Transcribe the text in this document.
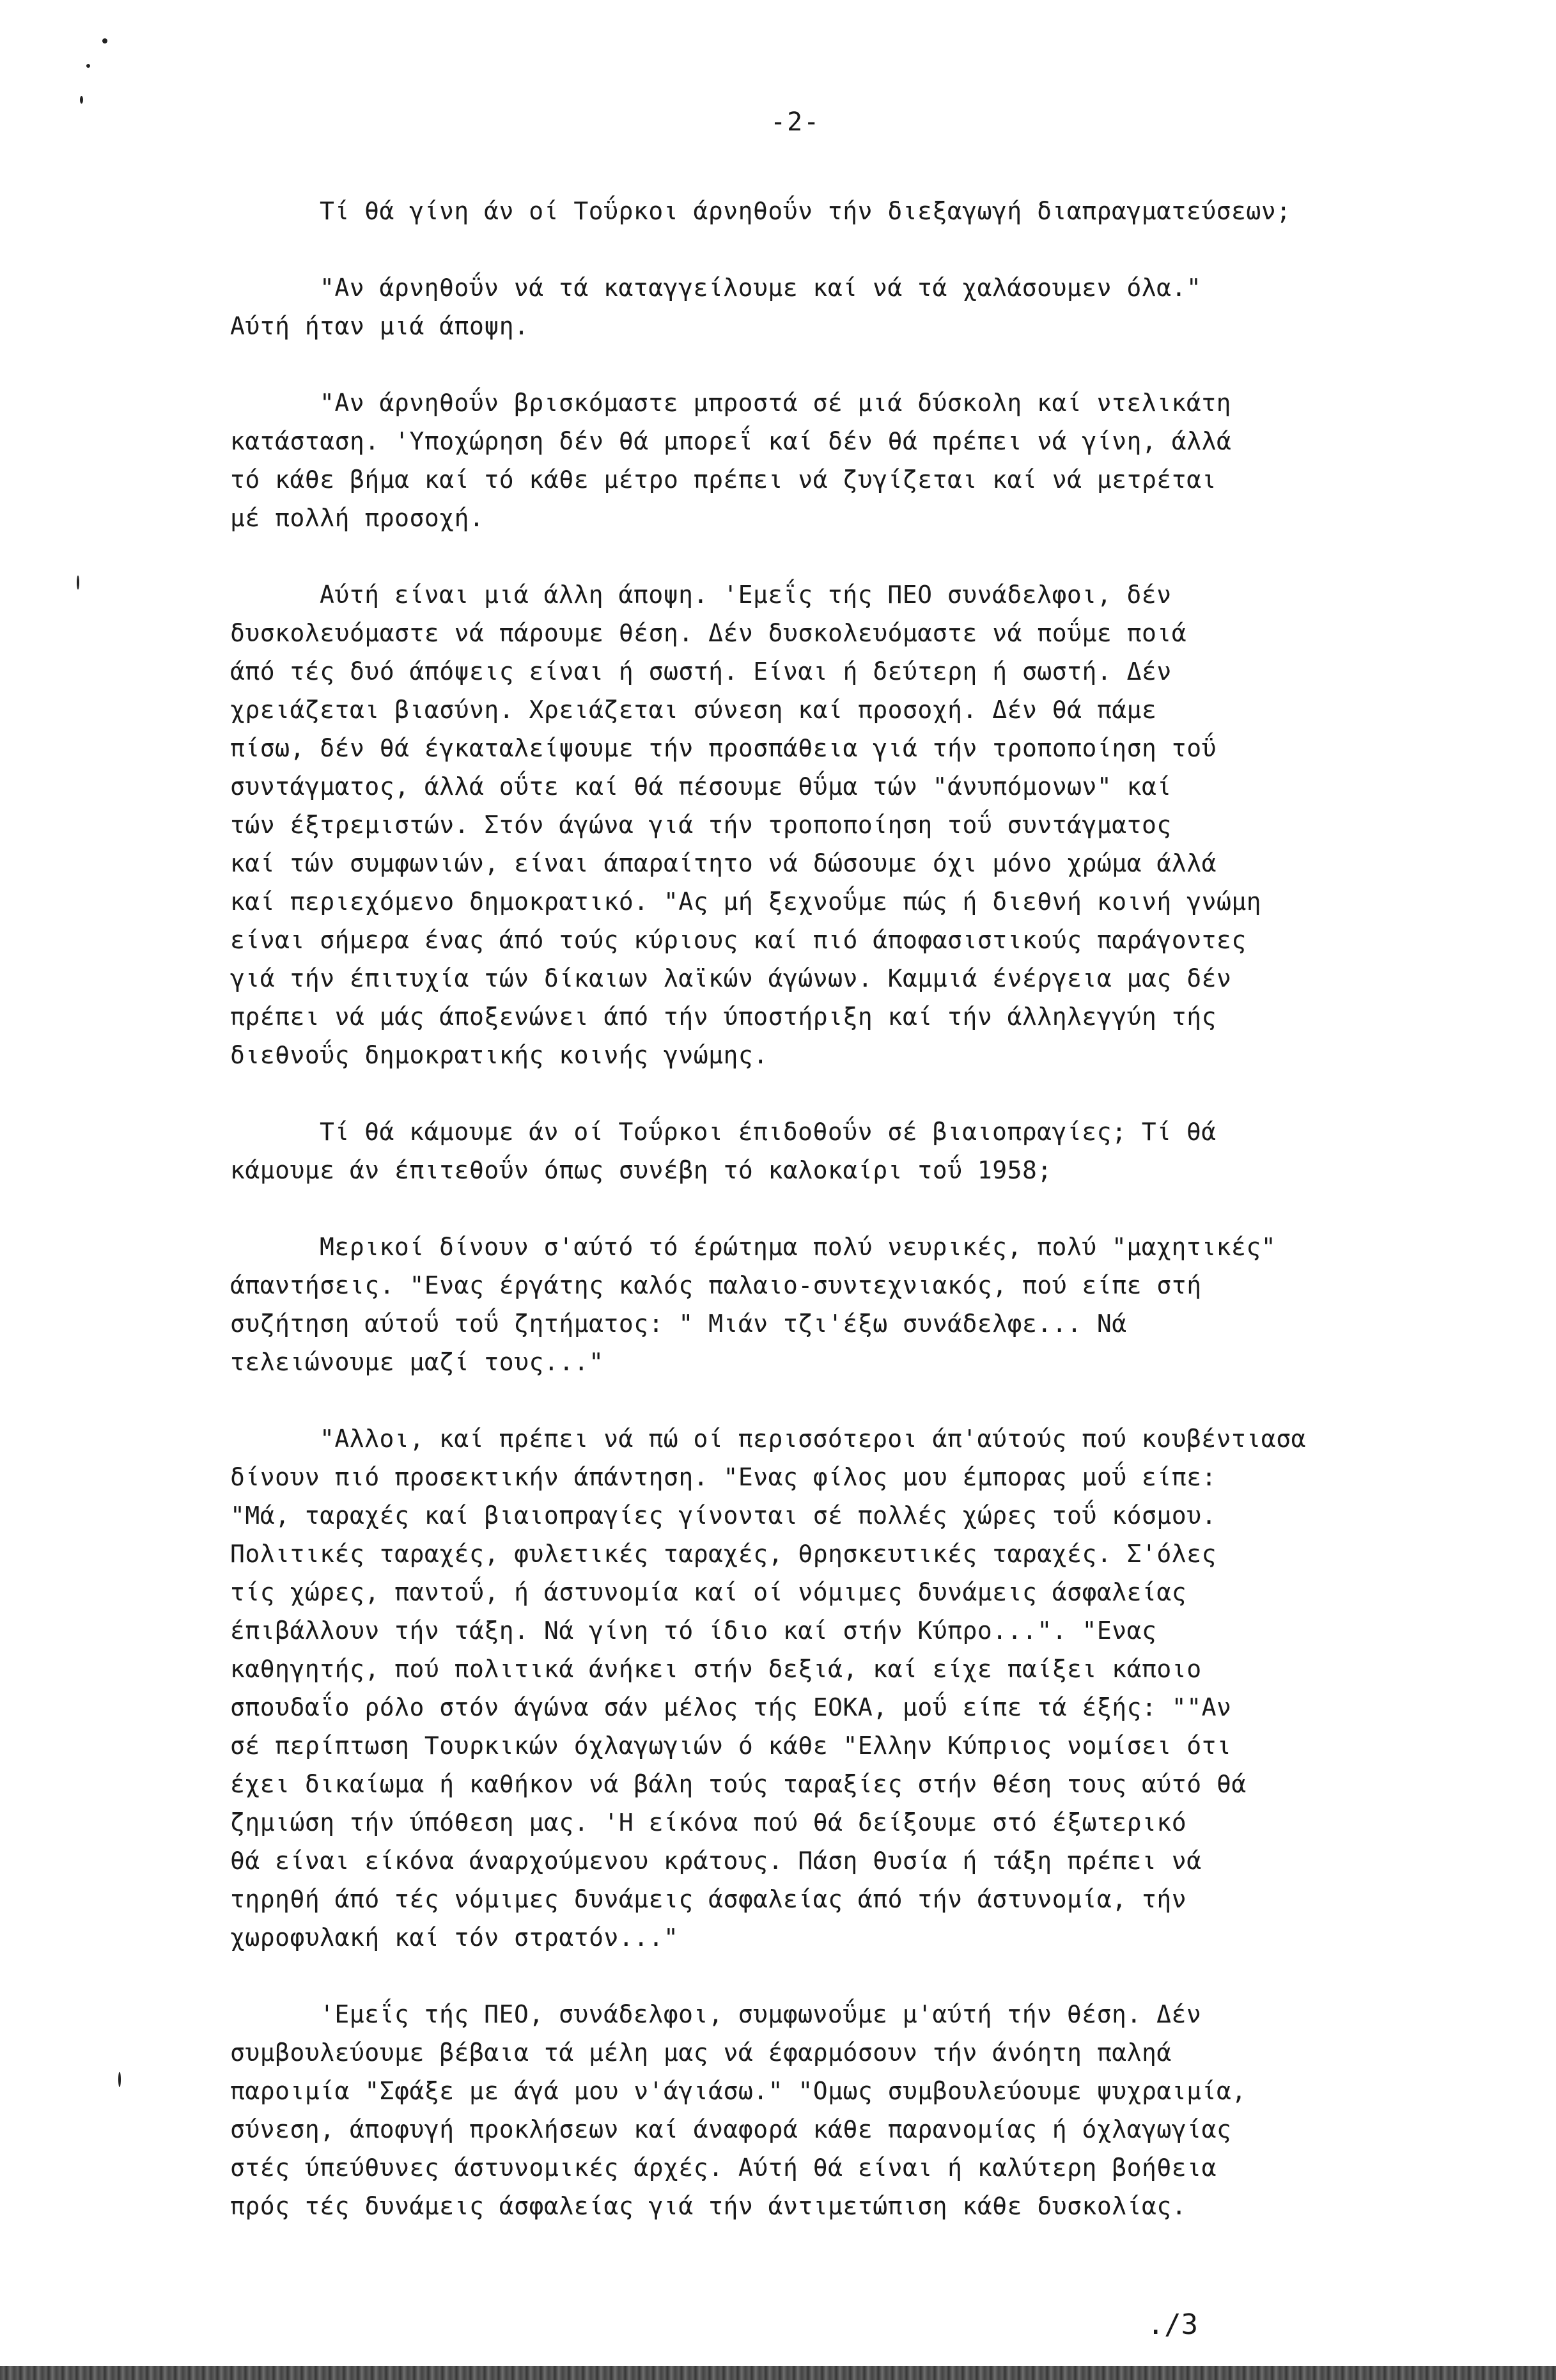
-2-
Τί θά γίνη άν οί Τοΰρκοι άρνηθοΰν τήν διεξαγωγή διαπραγματεύσεων;
"Αν άρνηθοΰν νά τά καταγγείλουμε καί νά τά χαλάσουμεν όλα."
Αύτή ήταν μιά άποψη.
"Αν άρνηθοΰν βρισκόμαστε μπροστά σέ μιά δύσκολη καί ντελικάτη
κατάσταση. 'Υποχώρηση δέν θά μπορεΐ καί δέν θά πρέπει νά γίνη, άλλά
τό κάθε βήμα καί τό κάθε μέτρο πρέπει νά ζυγίζεται καί νά μετρέται
μέ πολλή προσοχή.
Αύτή είναι μιά άλλη άποψη. 'Εμεΐς τής ΠΕΟ συνάδελφοι, δέν
δυσκολευόμαστε νά πάρουμε θέση. Δέν δυσκολευόμαστε νά ποΰμε ποιά
άπό τές δυό άπόψεις είναι ή σωστή. Είναι ή δεύτερη ή σωστή. Δέν
χρειάζεται βιασύνη. Χρειάζεται σύνεση καί προσοχή. Δέν θά πάμε
πίσω, δέν θά έγκαταλείψουμε τήν προσπάθεια γιά τήν τροποποίηση τοΰ
συντάγματος, άλλά οΰτε καί θά πέσουμε θΰμα τών "άνυπόμονων" καί
τών έξτρεμιστών. Στόν άγώνα γιά τήν τροποποίηση τοΰ συντάγματος
καί τών συμφωνιών, είναι άπαραίτητο νά δώσουμε όχι μόνο χρώμα άλλά
καί περιεχόμενο δημοκρατικό. "Ας μή ξεχνοΰμε πώς ή διεθνή κοινή γνώμη
είναι σήμερα ένας άπό τούς κύριους καί πιό άποφασιστικούς παράγοντες
γιά τήν έπιτυχία τών δίκαιων λαϊκών άγώνων. Καμμιά ένέργεια μας δέν
πρέπει νά μάς άποξενώνει άπό τήν ύποστήριξη καί τήν άλληλεγγύη τής
διεθνοΰς δημοκρατικής κοινής γνώμης.
Τί θά κάμουμε άν οί Τοΰρκοι έπιδοθοΰν σέ βιαιοπραγίες; Τί θά
κάμουμε άν έπιτεθοΰν όπως συνέβη τό καλοκαίρι τοΰ 1958;
Μερικοί δίνουν σ'αύτό τό έρώτημα πολύ νευρικές, πολύ "μαχητικές"
άπαντήσεις. "Ενας έργάτης καλός παλαιο-συντεχνιακός, πού είπε στή
συζήτηση αύτοΰ τοΰ ζητήματος: " Μιάν τζι'έξω συνάδελφε... Νά
τελειώνουμε μαζί τους..."
"Αλλοι, καί πρέπει νά πώ οί περισσότεροι άπ'αύτούς πού κουβέντιασα
δίνουν πιό προσεκτικήν άπάντηση. "Ενας φίλος μου έμπορας μοΰ είπε:
"Μά, ταραχές καί βιαιοπραγίες γίνονται σέ πολλές χώρες τοΰ κόσμου.
Πολιτικές ταραχές, φυλετικές ταραχές, θρησκευτικές ταραχές. Σ'όλες
τίς χώρες, παντοΰ, ή άστυνομία καί οί νόμιμες δυνάμεις άσφαλείας
έπιβάλλουν τήν τάξη. Νά γίνη τό ίδιο καί στήν Κύπρο...". "Ενας
καθηγητής, πού πολιτικά άνήκει στήν δεξιά, καί είχε παίξει κάποιο
σπουδαΐο ρόλο στόν άγώνα σάν μέλος τής ΕΟΚΑ, μοΰ είπε τά έξής: ""Αν
σέ περίπτωση Τουρκικών όχλαγωγιών ό κάθε "Ελλην Κύπριος νομίσει ότι
έχει δικαίωμα ή καθήκον νά βάλη τούς ταραξίες στήν θέση τους αύτό θά
ζημιώση τήν ύπόθεση μας. 'Η είκόνα πού θά δείξουμε στό έξωτερικό
θά είναι είκόνα άναρχούμενου κράτους. Πάση θυσία ή τάξη πρέπει νά
τηρηθή άπό τές νόμιμες δυνάμεις άσφαλείας άπό τήν άστυνομία, τήν
χωροφυλακή καί τόν στρατόν..."
'Εμεΐς τής ΠΕΟ, συνάδελφοι, συμφωνοΰμε μ'αύτή τήν θέση. Δέν
συμβουλεύουμε βέβαια τά μέλη μας νά έφαρμόσουν τήν άνόητη παληά
παροιμία "Σφάξε με άγά μου ν'άγιάσω." "Ομως συμβουλεύουμε ψυχραιμία,
σύνεση, άποφυγή προκλήσεων καί άναφορά κάθε παρανομίας ή όχλαγωγίας
στές ύπεύθυνες άστυνομικές άρχές. Αύτή θά είναι ή καλύτερη βοήθεια
πρός τές δυνάμεις άσφαλείας γιά τήν άντιμετώπιση κάθε δυσκολίας.
./3
